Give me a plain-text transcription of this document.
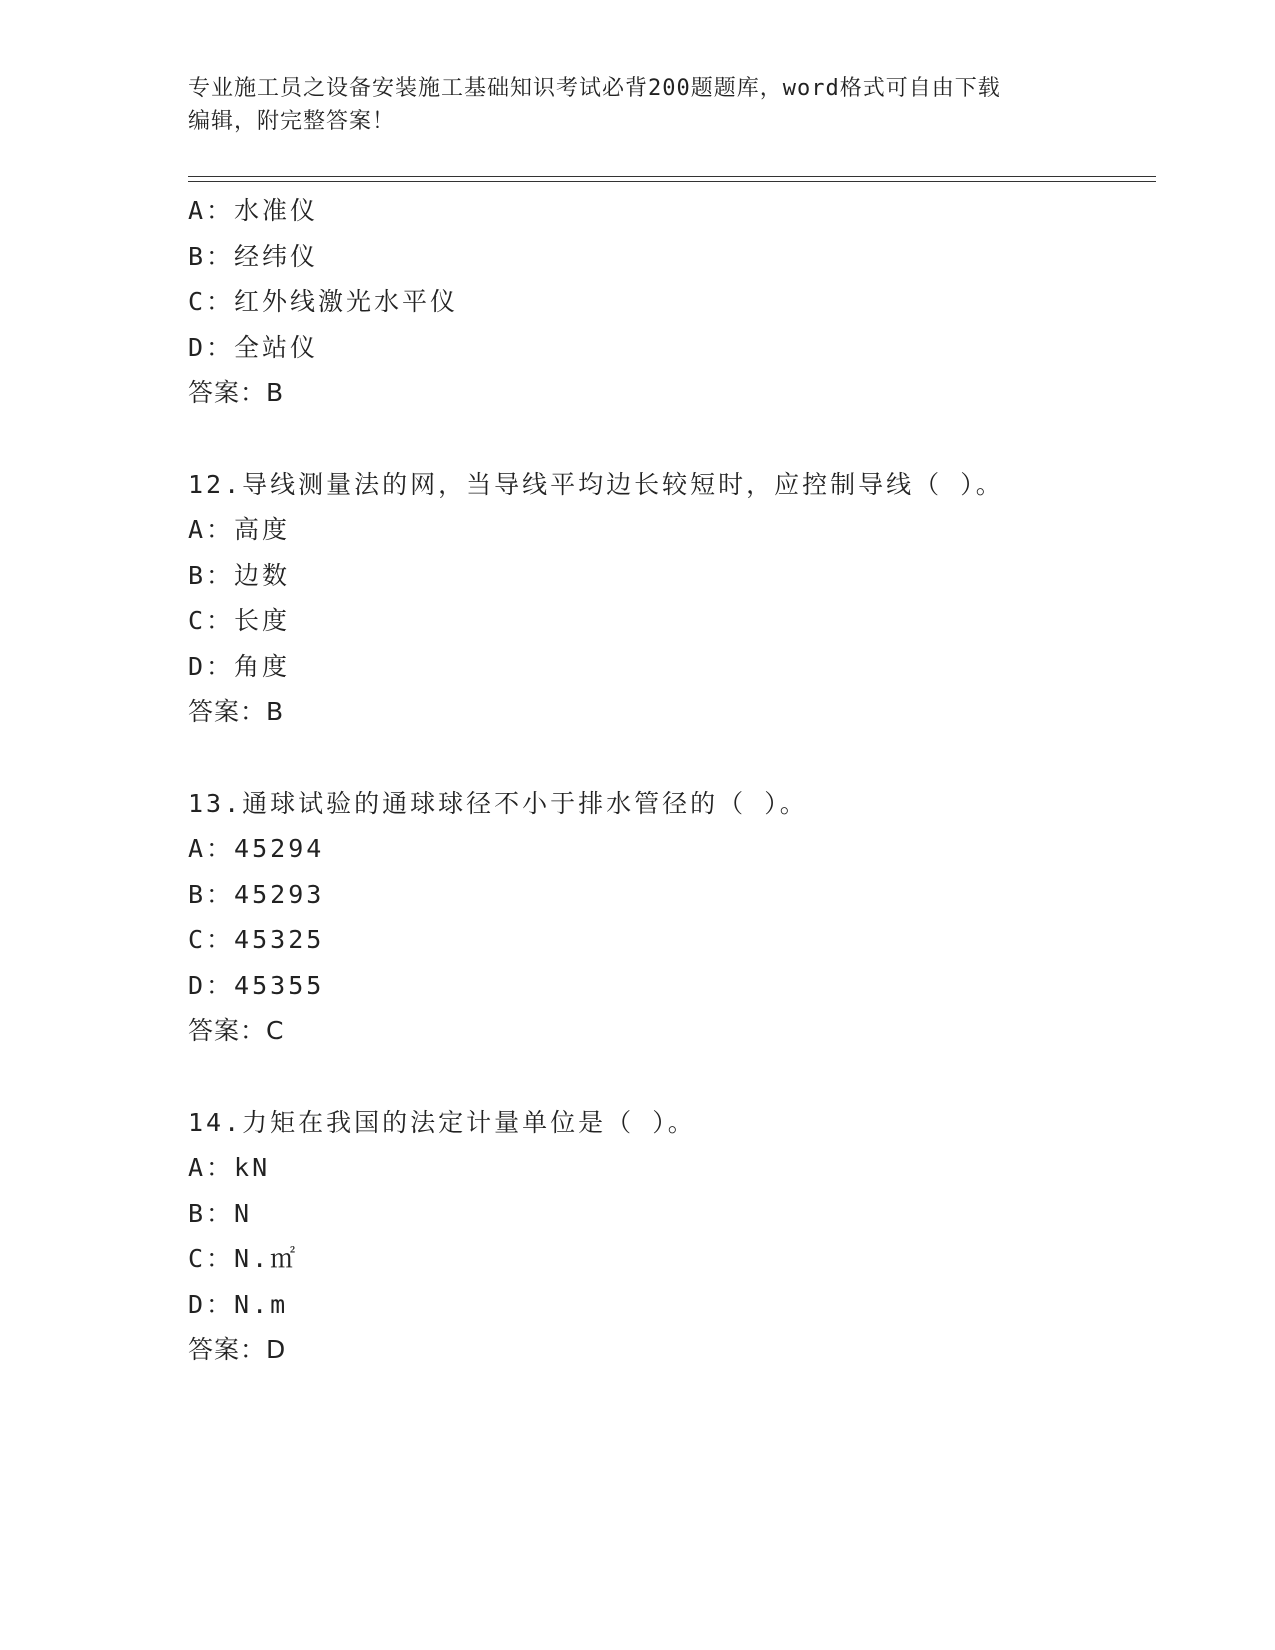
专业施工员之设备安装施工基础知识考试必背200题题库，word格式可自由下载
编辑，附完整答案！
A：水准仪
B：经纬仪
C：红外线激光水平仪
D：全站仪
答案：B
12.导线测量法的网，当导线平均边长较短时，应控制导线（ ）。
A：高度
B：边数
C：长度
D：角度
答案：B
13.通球试验的通球球径不小于排水管径的（ ）。
A：45294
B：45293
C：45325
D：45355
答案：C
14.力矩在我国的法定计量单位是（ ）。
A：kN
B：N
C：N.㎡
D：N.m
答案：D
